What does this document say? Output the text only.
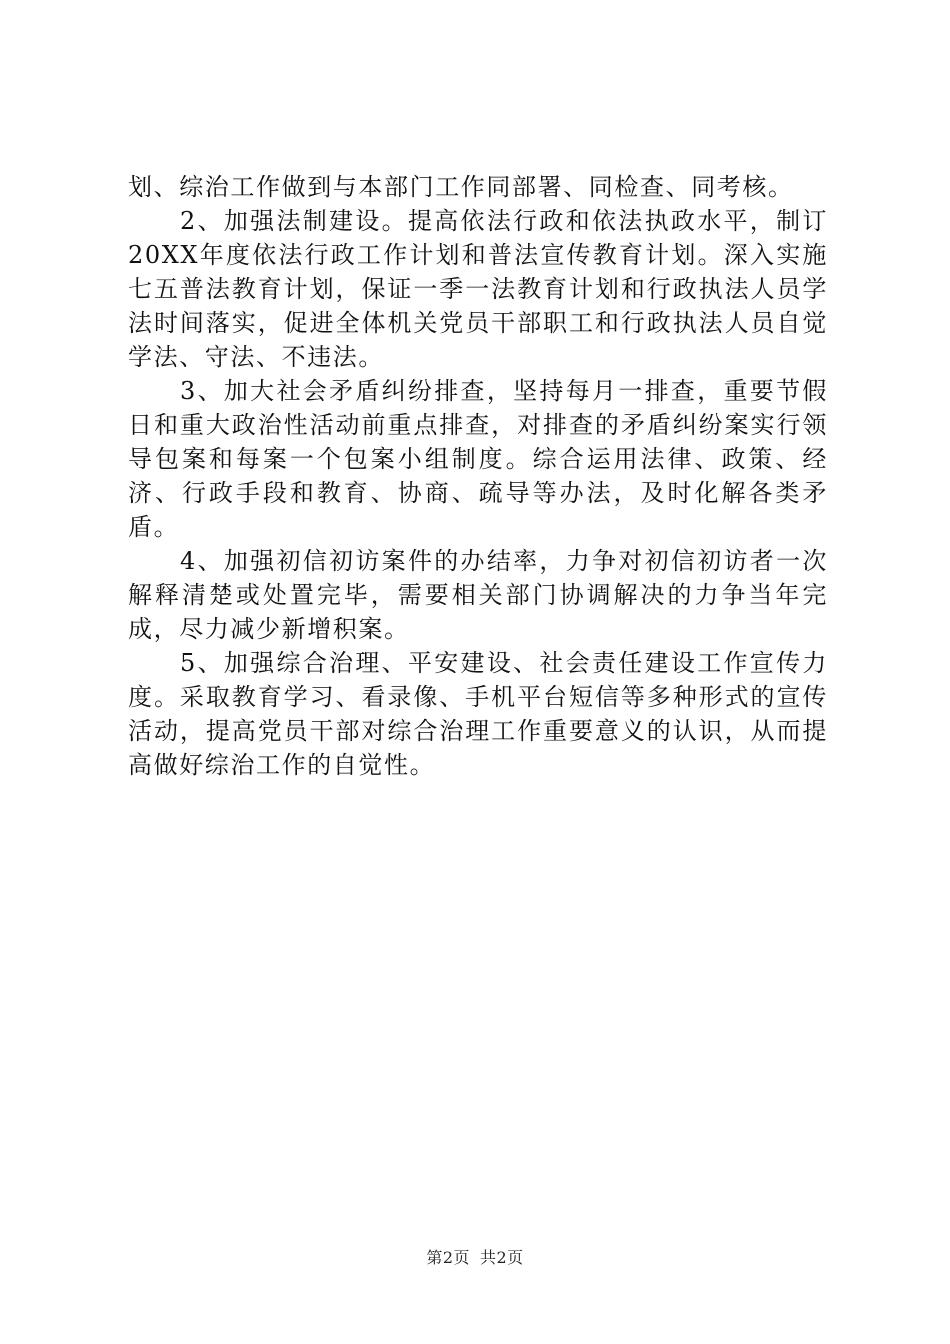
划、综治工作做到与本部门工作同部署、同检查、同考核。

2、加强法制建设。提高依法行政和依法执政水平，制订20XX年度依法行政工作计划和普法宣传教育计划。深入实施七五普法教育计划，保证一季一法教育计划和行政执法人员学法时间落实，促进全体机关党员干部职工和行政执法人员自觉学法、守法、不违法。

3、加大社会矛盾纠纷排查，坚持每月一排查，重要节假日和重大政治性活动前重点排查，对排查的矛盾纠纷案实行领导包案和每案一个包案小组制度。综合运用法律、政策、经济、行政手段和教育、协商、疏导等办法，及时化解各类矛盾。

4、加强初信初访案件的办结率，力争对初信初访者一次解释清楚或处置完毕，需要相关部门协调解决的力争当年完成，尽力减少新增积案。

5、加强综合治理、平安建设、社会责任建设工作宣传力度。采取教育学习、看录像、手机平台短信等多种形式的宣传活动，提高党员干部对综合治理工作重要意义的认识，从而提高做好综治工作的自觉性。

第2页 共2页
